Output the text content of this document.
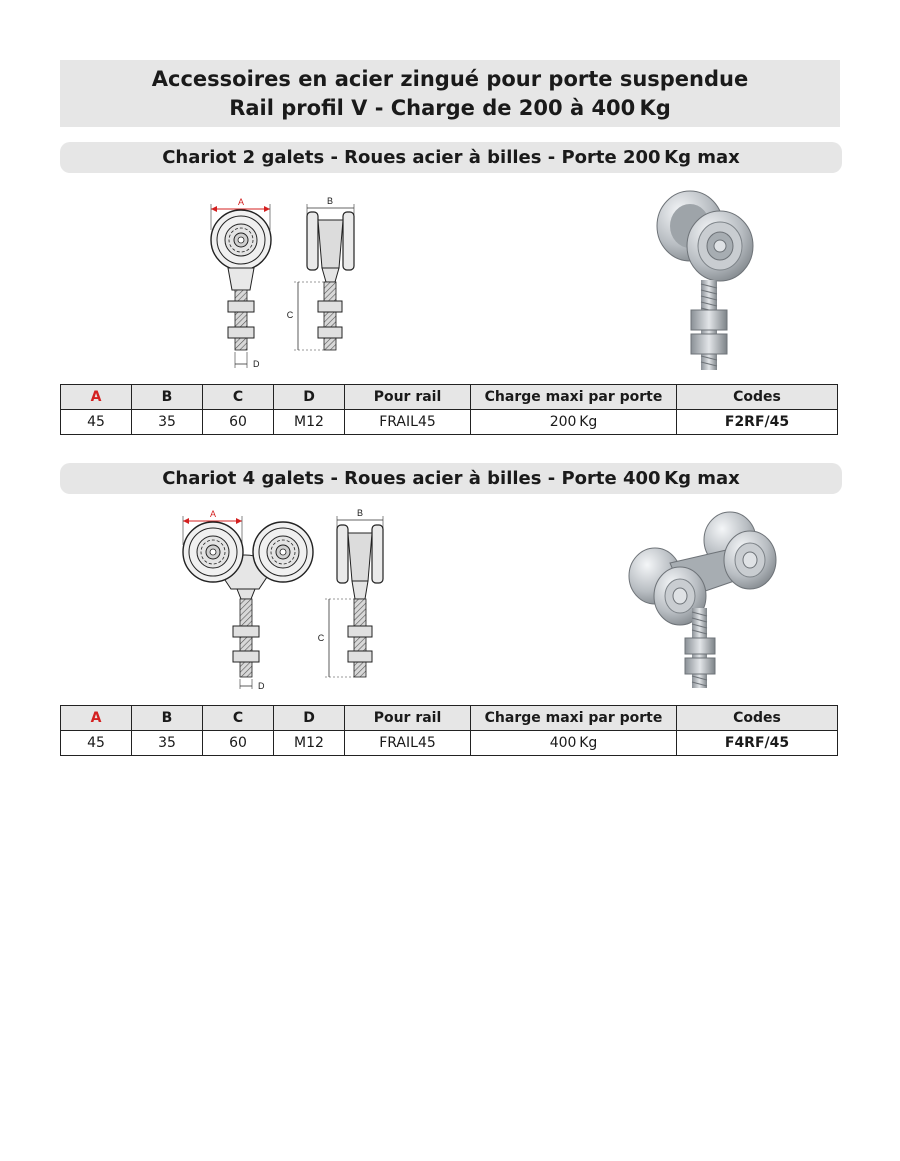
Accessoires en acier zingué pour porte suspendue
Rail profil V - Charge de 200 à 400 Kg
Chariot 2 galets - Roues acier à billes - Porte 200 Kg max
A
D
B
C
A	B	C	D	Pour rail	Charge maxi par porte	Codes
45	35	60	M12	FRAIL45	200 Kg	F2RF/45
Chariot 4 galets - Roues acier à billes - Porte 400 Kg max
A
D
B
C
A	B	C	D	Pour rail	Charge maxi par porte	Codes
45	35	60	M12	FRAIL45	400 Kg	F4RF/45
